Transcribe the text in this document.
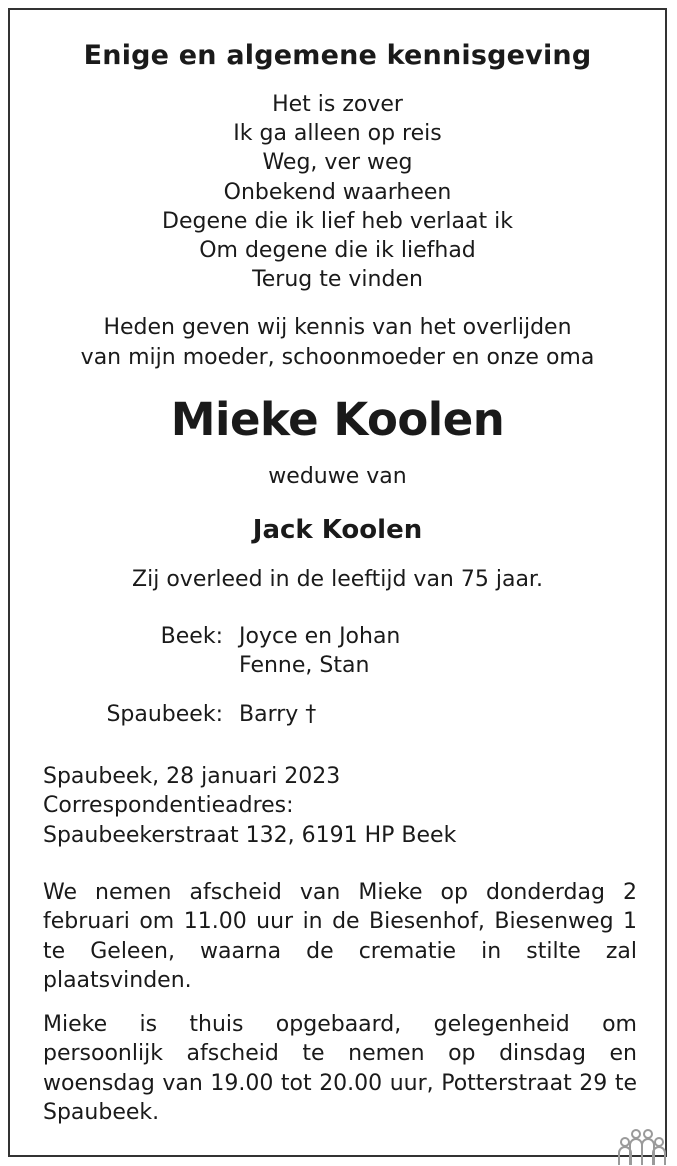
Enige en algemene kennisgeving
Het is zover
Ik ga alleen op reis
Weg, ver weg
Onbekend waarheen
Degene die ik lief heb verlaat ik
Om degene die ik liefhad
Terug te vinden
Heden geven wij kennis van het overlijden
van mijn moeder, schoonmoeder en onze oma
Mieke Koolen
weduwe van
Jack Koolen
Zij overleed in de leeftijd van 75 jaar.
Beek: Joyce en Johan
Fenne, Stan
Spaubeek: Barry †
Spaubeek, 28 januari 2023
Correspondentieadres:
Spaubeekerstraat 132, 6191 HP Beek
We nemen afscheid van Mieke op donderdag 2 februari om 11.00 uur in de Biesenhof, Biesenweg 1 te Geleen, waarna de crematie in stilte zal plaatsvinden.
Mieke is thuis opgebaard, gelegenheid om persoonlijk afscheid te nemen op dinsdag en woensdag van 19.00 tot 20.00 uur, Potterstraat 29 te Spaubeek.
